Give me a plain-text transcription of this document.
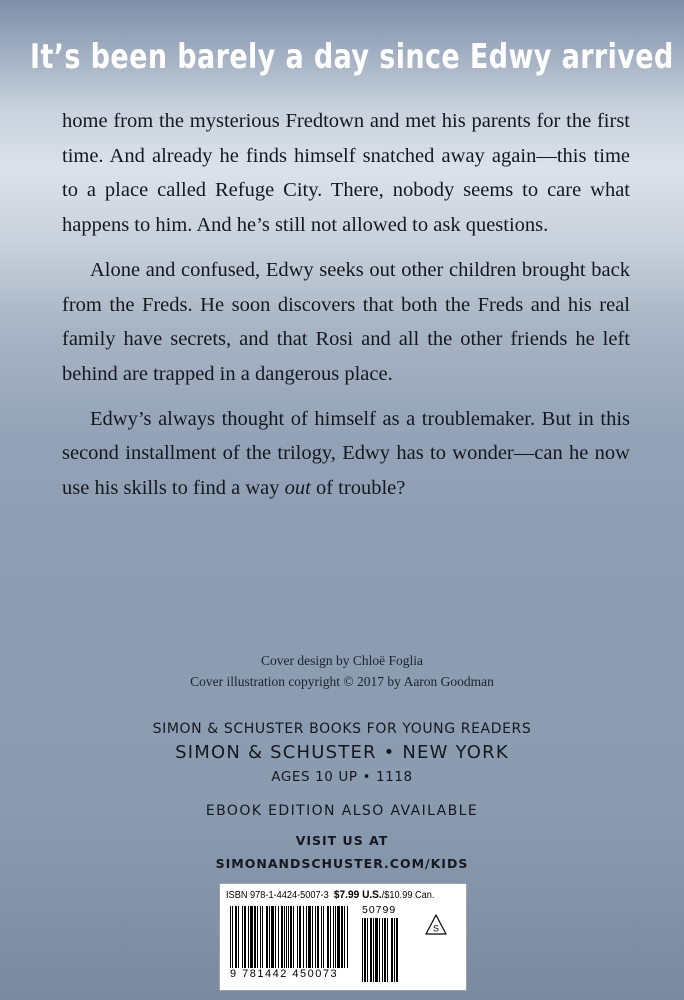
It’s been barely a day since Edwy arrived

home from the mysterious Fredtown and met his parents for the first time. And already he finds himself snatched away again—this time to a place called Refuge City. There, nobody seems to care what happens to him. And he’s still not allowed to ask questions.

Alone and confused, Edwy seeks out other children brought back from the Freds. He soon discovers that both the Freds and his real family have secrets, and that Rosi and all the other friends he left behind are trapped in a dangerous place.

Edwy’s always thought of himself as a troublemaker. But in this second installment of the trilogy, Edwy has to wonder—can he now use his skills to find a way out of trouble?

Cover design by Chloë Foglia
Cover illustration copyright © 2017 by Aaron Goodman
SIMON & SCHUSTER BOOKS FOR YOUNG READERS
SIMON & SCHUSTER • NEW YORK
AGES 10 UP • 1118
EBOOK EDITION ALSO AVAILABLE
VISIT US AT
SIMONANDSCHUSTER.COM/KIDS
ISBN 978-1-4424-5007-3 $7.99 U.S./$10.99 Can.
50799
S
9 781442 450073
